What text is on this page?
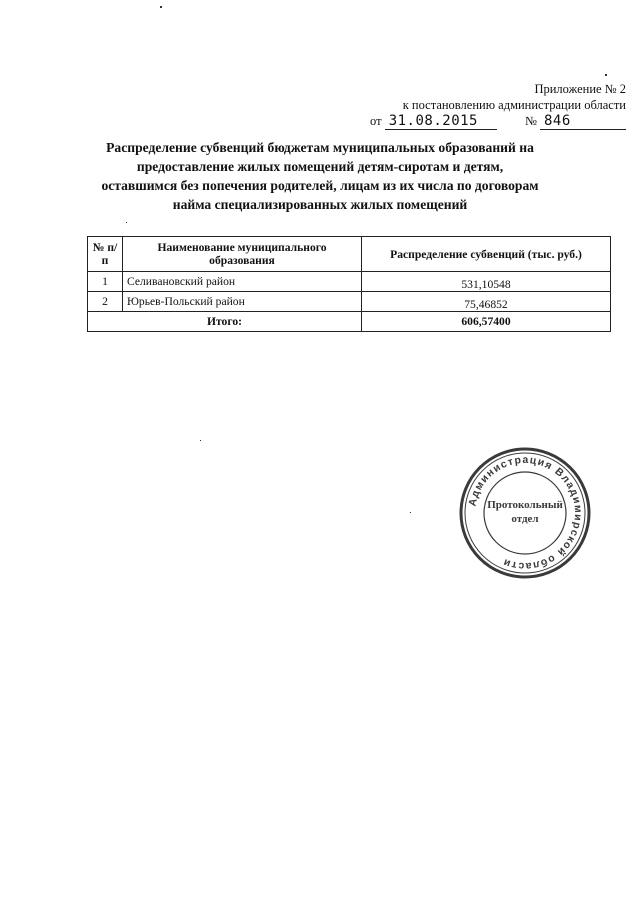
Приложение № 2
к постановлению администрации области
от 31.08.2015	№ 846
Распределение субвенций бюджетам муниципальных образований на предоставление жилых помещений детям-сиротам и детям, оставшимся без попечения родителей, лицам из их числа по договорам найма специализированных жилых помещений
№ п/п	Наименование муниципального образования	Распределение субвенций (тыс. руб.)
1	Селивановский район	531,10548
2	Юрьев-Польский район	75,46852
Итого:		606,57400
Администрация Владимирской области
Протокольный
отдел
